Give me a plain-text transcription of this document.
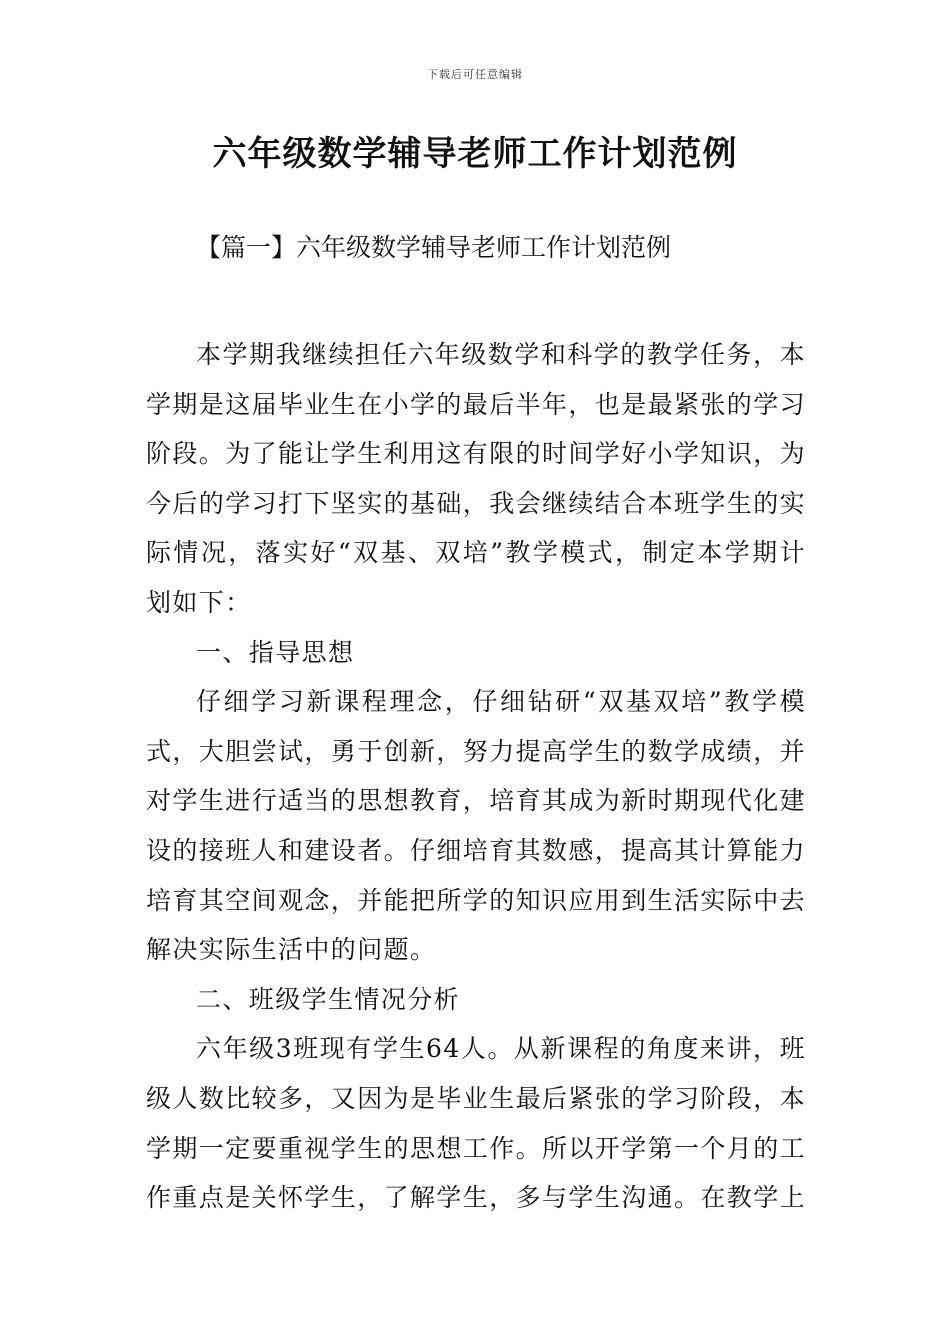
下载后可任意编辑
六年级数学辅导老师工作计划范例
【篇一】六年级数学辅导老师工作计划范例

本学期我继续担任六年级数学和科学的教学任务，本学期是这届毕业生在小学的最后半年，也是最紧张的学习阶段。为了能让学生利用这有限的时间学好小学知识，为今后的学习打下坚实的基础，我会继续结合本班学生的实际情况，落实好“双基、双培”教学模式，制定本学期计划如下：

一、指导思想

仔细学习新课程理念，仔细钻研“双基双培”教学模式，大胆尝试，勇于创新，努力提高学生的数学成绩，并对学生进行适当的思想教育，培育其成为新时期现代化建设的接班人和建设者。仔细培育其数感，提高其计算能力培育其空间观念，并能把所学的知识应用到生活实际中去解决实际生活中的问题。

二、班级学生情况分析

六年级3班现有学生64人。从新课程的角度来讲，班级人数比较多，又因为是毕业生最后紧张的学习阶段，本学期一定要重视学生的思想工作。所以开学第一个月的工作重点是关怀学生，了解学生，多与学生沟通。在教学上
